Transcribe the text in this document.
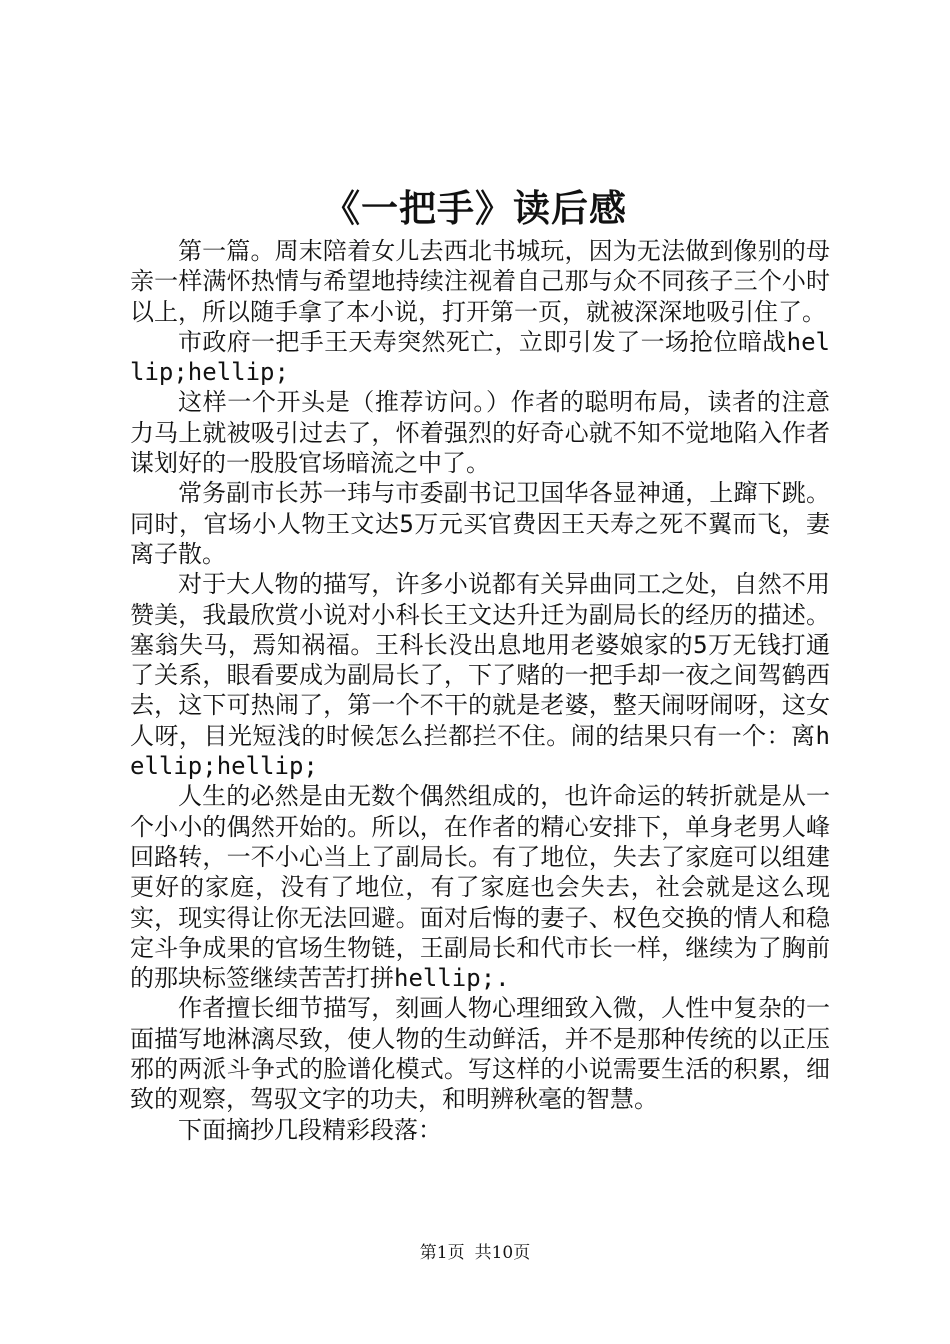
《一把手》读后感

第一篇。周末陪着女儿去西北书城玩，因为无法做到像别的母亲一样满怀热情与希望地持续注视着自己那与众不同孩子三个小时以上，所以随手拿了本小说，打开第一页，就被深深地吸引住了。

市政府一把手王天寿突然死亡，立即引发了一场抢位暗战hellip;hellip;

这样一个开头是（推荐访问。）作者的聪明布局，读者的注意力马上就被吸引过去了，怀着强烈的好奇心就不知不觉地陷入作者谋划好的一股股官场暗流之中了。

常务副市长苏一玮与市委副书记卫国华各显神通，上蹿下跳。同时，官场小人物王文达5万元买官费因王天寿之死不翼而飞，妻离子散。

对于大人物的描写，许多小说都有关异曲同工之处，自然不用赞美，我最欣赏小说对小科长王文达升迁为副局长的经历的描述。塞翁失马，焉知祸福。王科长没出息地用老婆娘家的5万无钱打通了关系，眼看要成为副局长了，下了赌的一把手却一夜之间驾鹤西去，这下可热闹了，第一个不干的就是老婆，整天闹呀闹呀，这女人呀，目光短浅的时候怎么拦都拦不住。闹的结果只有一个：离hellip;hellip;

人生的必然是由无数个偶然组成的，也许命运的转折就是从一个小小的偶然开始的。所以，在作者的精心安排下，单身老男人峰回路转，一不小心当上了副局长。有了地位，失去了家庭可以组建更好的家庭，没有了地位，有了家庭也会失去，社会就是这么现实，现实得让你无法回避。面对后悔的妻子、权色交换的情人和稳定斗争成果的官场生物链，王副局长和代市长一样，继续为了胸前的那块标签继续苦苦打拼hellip;.

作者擅长细节描写，刻画人物心理细致入微，人性中复杂的一面描写地淋漓尽致，使人物的生动鲜活，并不是那种传统的以正压邪的两派斗争式的脸谱化模式。写这样的小说需要生活的积累，细致的观察，驾驭文字的功夫，和明辨秋毫的智慧。

下面摘抄几段精彩段落：

第1页 共10页
